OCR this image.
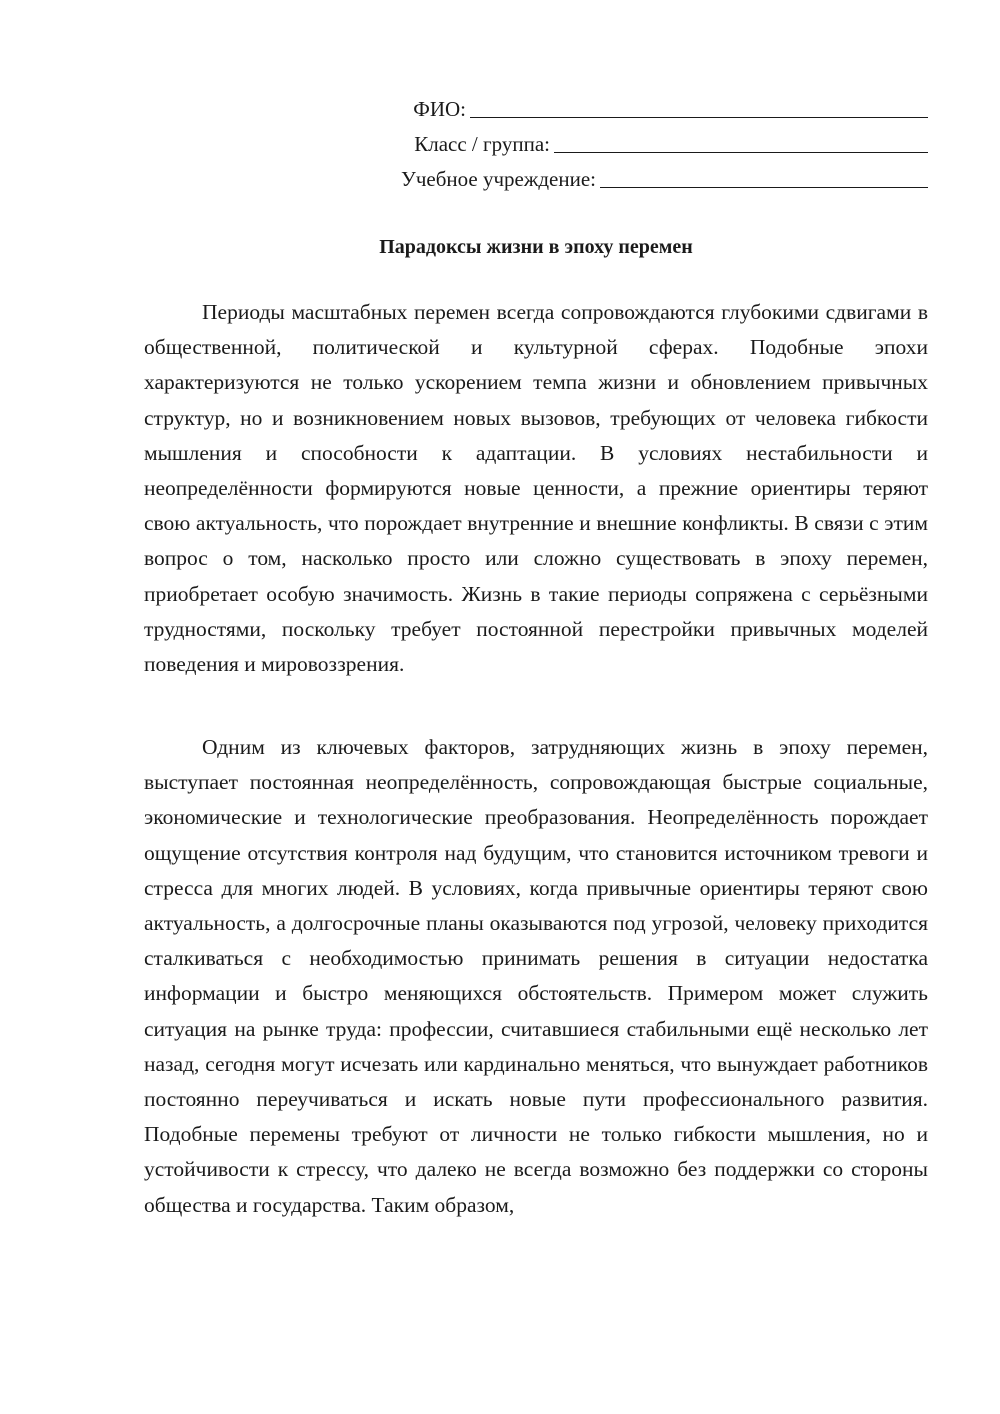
ФИО:
Класс / группа:
Учебное учреждение:
Парадоксы жизни в эпоху перемен

Периоды масштабных перемен всегда сопровождаются глубокими сдвигами в общественной, политической и культурной сферах. Подобные эпохи характеризуются не только ускорением темпа жизни и обновлением привычных структур, но и возникновением новых вызовов, требующих от человека гибкости мышления и способности к адаптации. В условиях нестабильности и неопределённости формируются новые ценности, а прежние ориентиры теряют свою актуальность, что порождает внутренние и внешние конфликты. В связи с этим вопрос о том, насколько просто или сложно существовать в эпоху перемен, приобретает особую значимость. Жизнь в такие периоды сопряжена с серьёзными трудностями, поскольку требует постоянной перестройки привычных моделей поведения и мировоззрения.

Одним из ключевых факторов, затрудняющих жизнь в эпоху перемен, выступает постоянная неопределённость, сопровождающая быстрые социальные, экономические и технологические преобразования. Неопределённость порождает ощущение отсутствия контроля над будущим, что становится источником тревоги и стресса для многих людей. В условиях, когда привычные ориентиры теряют свою актуальность, а долгосрочные планы оказываются под угрозой, человеку приходится сталкиваться с необходимостью принимать решения в ситуации недостатка информации и быстро меняющихся обстоятельств. Примером может служить ситуация на рынке труда: профессии, считавшиеся стабильными ещё несколько лет назад, сегодня могут исчезать или кардинально меняться, что вынуждает работников постоянно переучиваться и искать новые пути профессионального развития. Подобные перемены требуют от личности не только гибкости мышления, но и устойчивости к стрессу, что далеко не всегда возможно без поддержки со стороны общества и государства. Таким образом,
